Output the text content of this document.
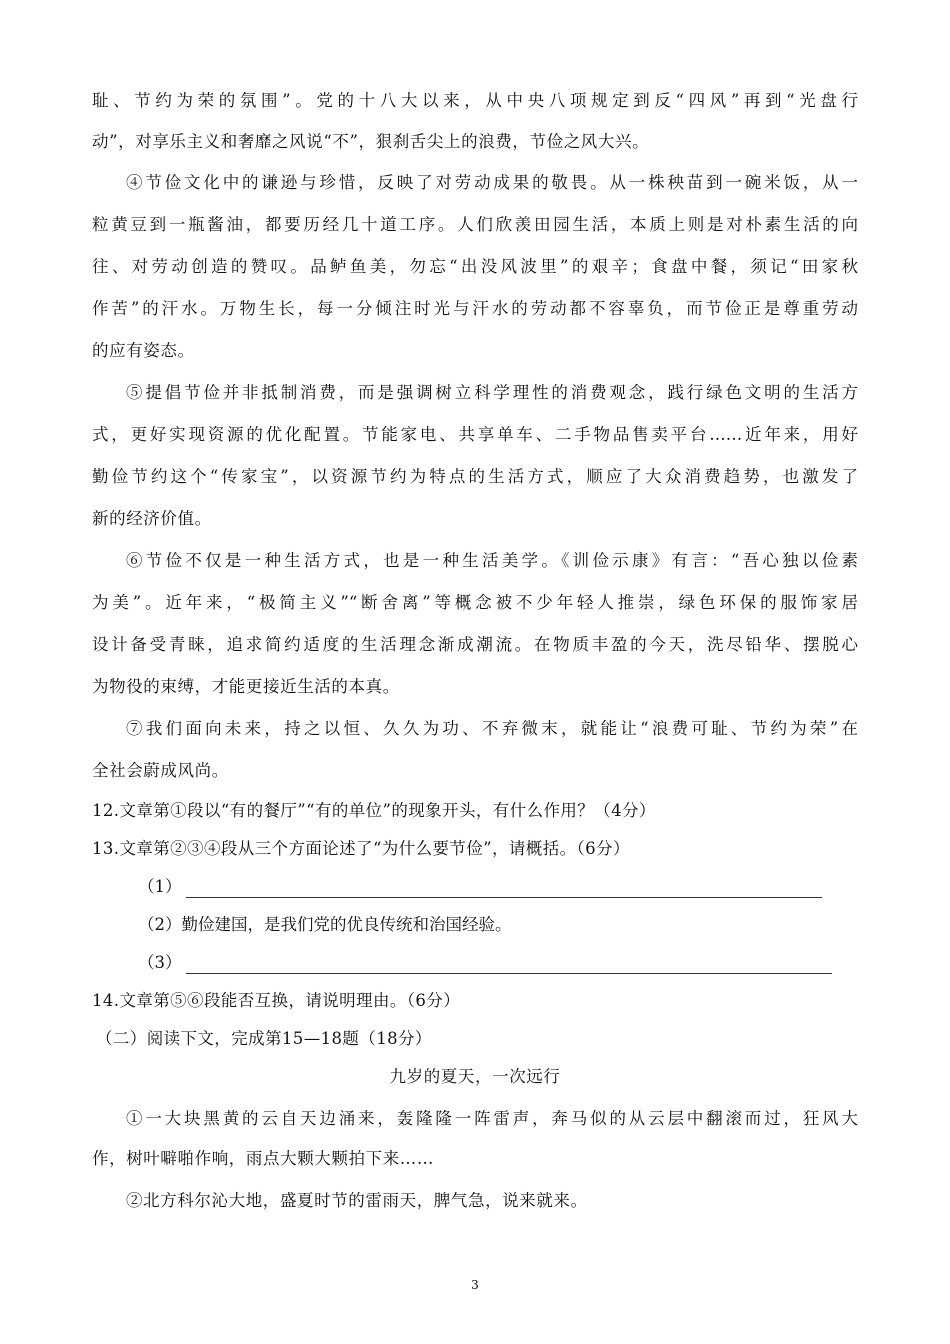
耻、节约为荣的氛围”。党的十八大以来，从中央八项规定到反“四风”再到“光盘行
动”，对享乐主义和奢靡之风说“不”，狠刹舌尖上的浪费，节俭之风大兴。
④节俭文化中的谦逊与珍惜，反映了对劳动成果的敬畏。从一株秧苗到一碗米饭，从一
粒黄豆到一瓶酱油，都要历经几十道工序。人们欣羡田园生活，本质上则是对朴素生活的向
往、对劳动创造的赞叹。品鲈鱼美，勿忘“出没风波里”的艰辛；食盘中餐，须记“田家秋
作苦”的汗水。万物生长，每一分倾注时光与汗水的劳动都不容辜负，而节俭正是尊重劳动
的应有姿态。
⑤提倡节俭并非抵制消费，而是强调树立科学理性的消费观念，践行绿色文明的生活方
式，更好实现资源的优化配置。节能家电、共享单车、二手物品售卖平台……近年来，用好
勤俭节约这个“传家宝”，以资源节约为特点的生活方式，顺应了大众消费趋势，也激发了
新的经济价值。
⑥节俭不仅是一种生活方式，也是一种生活美学。《训俭示康》有言：“吾心独以俭素
为美”。近年来，“极简主义”“断舍离”等概念被不少年轻人推崇，绿色环保的服饰家居
设计备受青睐，追求简约适度的生活理念渐成潮流。在物质丰盈的今天，洗尽铅华、摆脱心
为物役的束缚，才能更接近生活的本真。
⑦我们面向未来，持之以恒、久久为功、不弃微末，就能让“浪费可耻、节约为荣”在
全社会蔚成风尚。
12.文章第①段以“有的餐厅”“有的单位”的现象开头，有什么作用？（4分）
13.文章第②③④段从三个方面论述了“为什么要节俭”，请概括。（6分）
（1）
（2） 勤俭建国，是我们党的优良传统和治国经验。
（3）
14.文章第⑤⑥段能否互换，请说明理由。（6分）
（二）阅读下文，完成第15—18题（18分）
九岁的夏天，一次远行
①一大块黑黄的云自天边涌来，轰隆隆一阵雷声，奔马似的从云层中翻滚而过，狂风大
作，树叶噼啪作响，雨点大颗大颗拍下来……
②北方科尔沁大地，盛夏时节的雷雨天，脾气急，说来就来。
3
